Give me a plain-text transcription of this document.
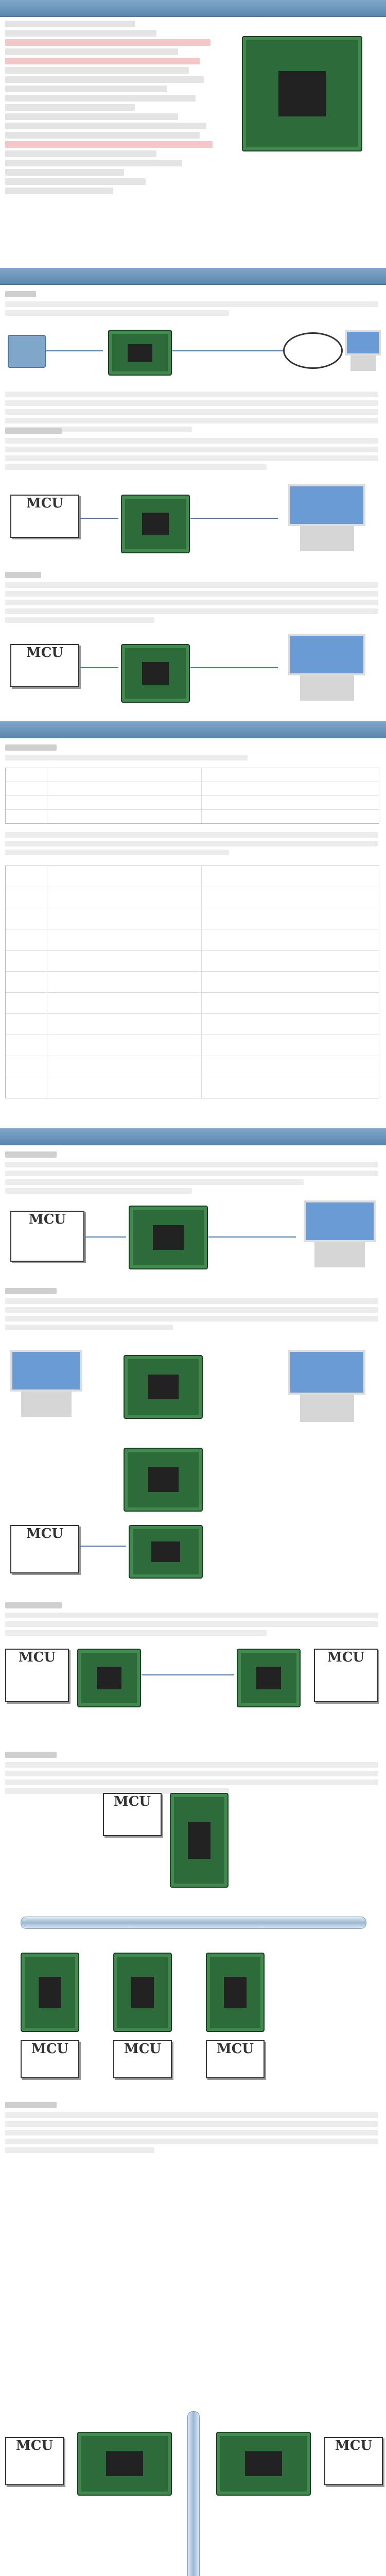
MCU
MCU
MCU
MCU
MCU	MCU
MCU
MCU	MCU	MCU
MCU	MCU
